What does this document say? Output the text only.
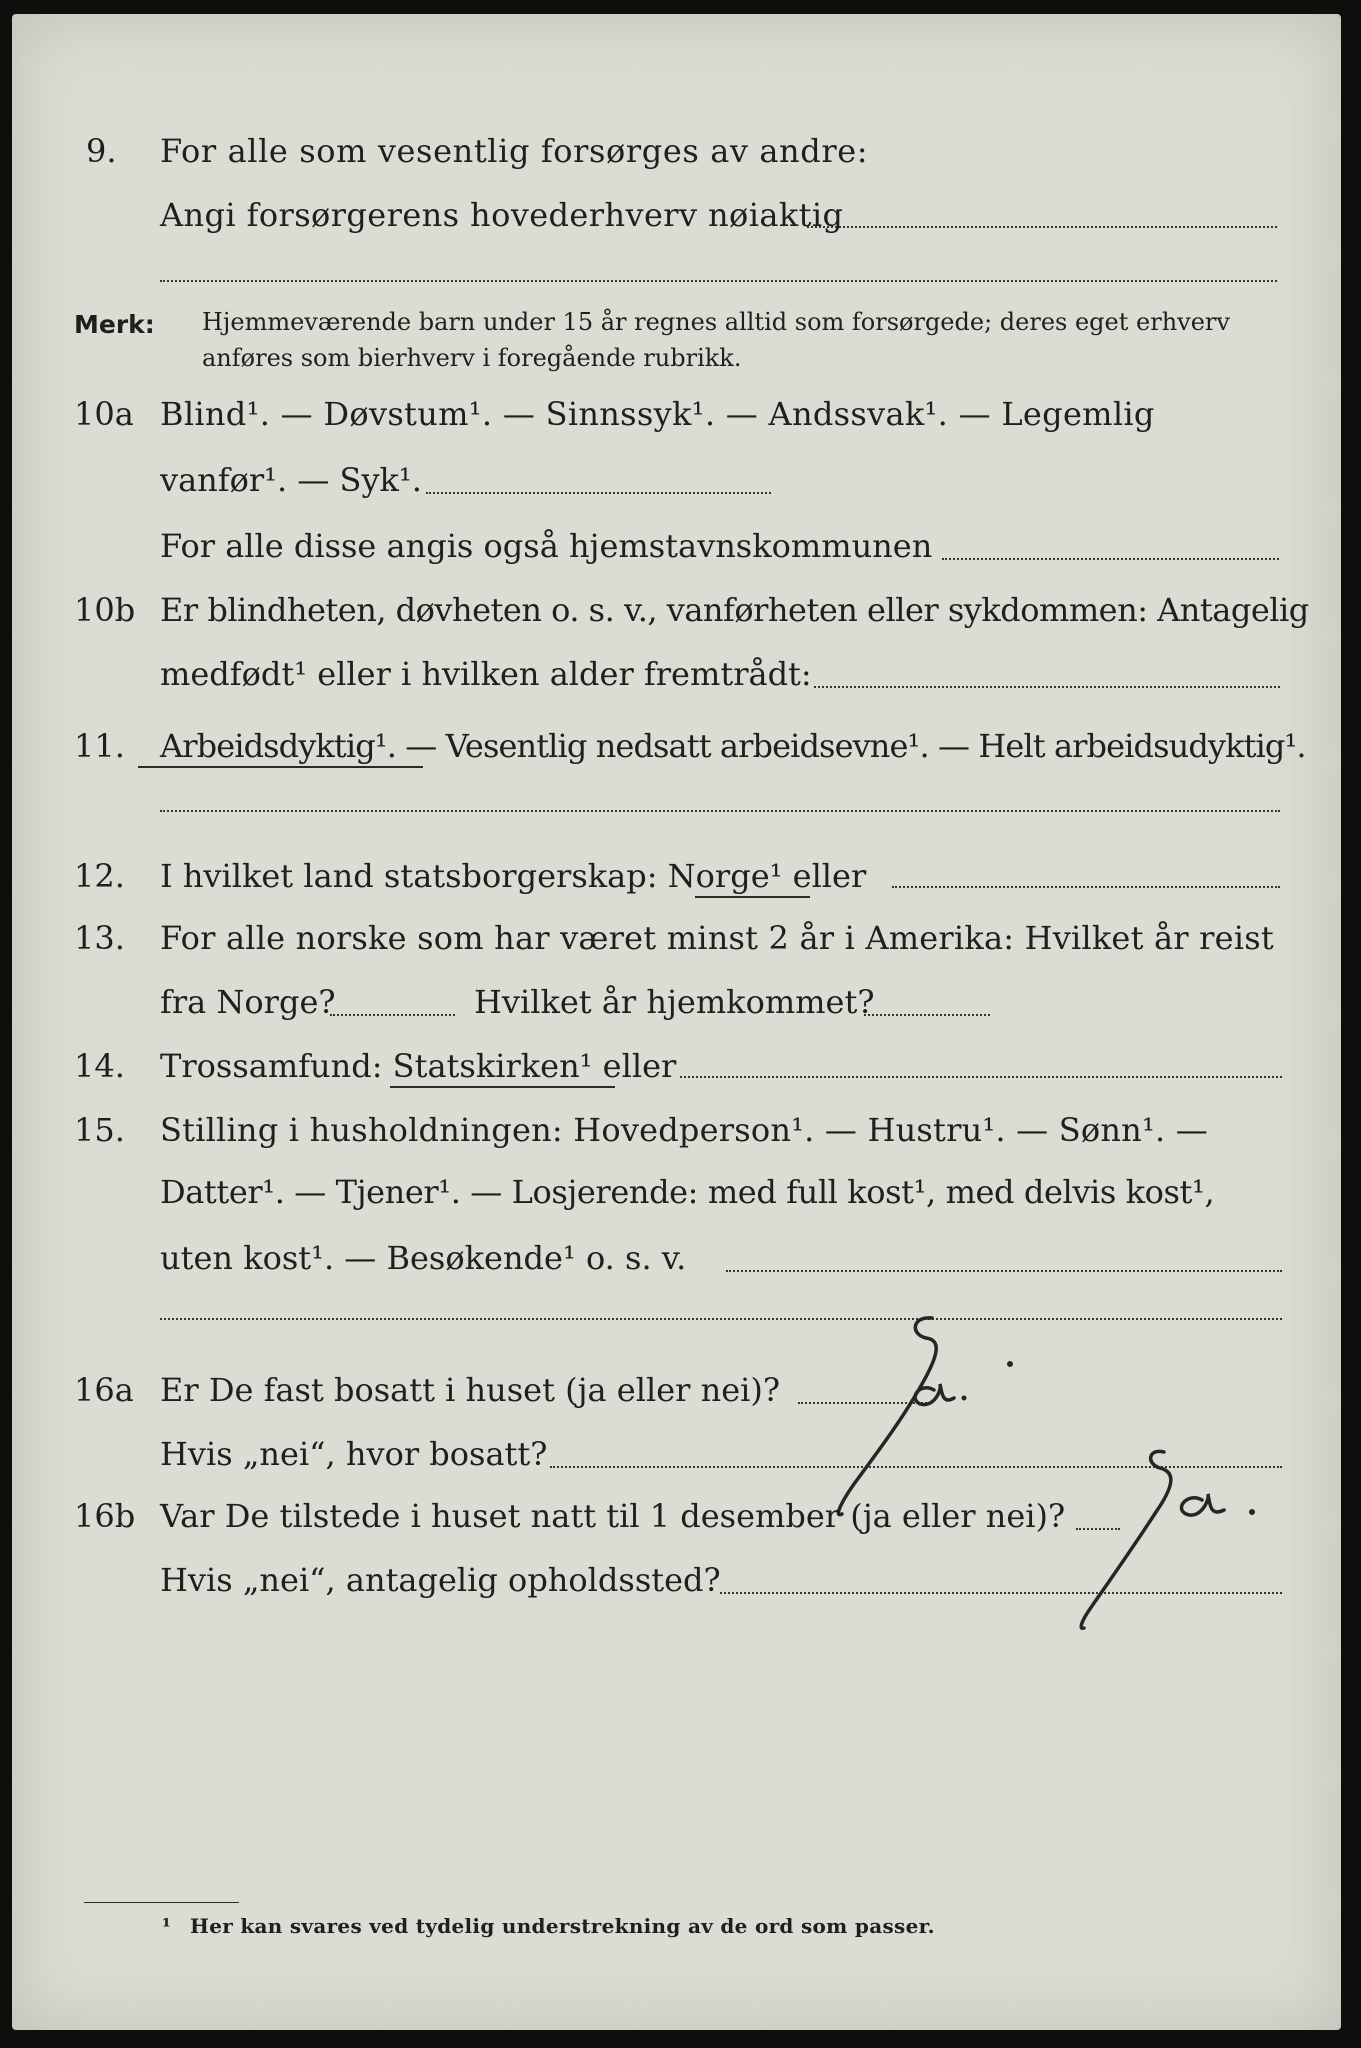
9. For alle som vesentlig forsørges av andre:
Angi forsørgerens hovederhverv nøiaktig
Merk: Hjemmeværende barn under 15 år regnes alltid som forsørgede; deres eget erhverv
anføres som bierhverv i foregående rubrikk.
10a Blind¹. — Døvstum¹. — Sinnssyk¹. — Andssvak¹. — Legemlig
vanfør¹. — Syk¹.
For alle disse angis også hjemstavnskommunen
10b Er blindheten, døvheten o. s. v., vanførheten eller sykdommen: Antagelig
medfødt¹ eller i hvilken alder fremtrådt:
11. Arbeidsdyktig¹. — Vesentlig nedsatt arbeidsevne¹. — Helt arbeidsudyktig¹.
12. I hvilket land statsborgerskap: Norge¹ eller
13. For alle norske som har været minst 2 år i Amerika: Hvilket år reist
fra Norge?	Hvilket år hjemkommet?
14. Trossamfund: Statskirken¹ eller
15. Stilling i husholdningen: Hovedperson¹. — Hustru¹. — Sønn¹. —
Datter¹. — Tjener¹. — Losjerende: med full kost¹, med delvis kost¹,
uten kost¹. — Besøkende¹ o. s. v.
16a Er De fast bosatt i huset (ja eller nei)?
Hvis „nei“, hvor bosatt?
16b Var De tilstede i huset natt til 1 desember (ja eller nei)?
Hvis „nei“, antagelig opholdssted?
¹ Her kan svares ved tydelig understrekning av de ord som passer.
